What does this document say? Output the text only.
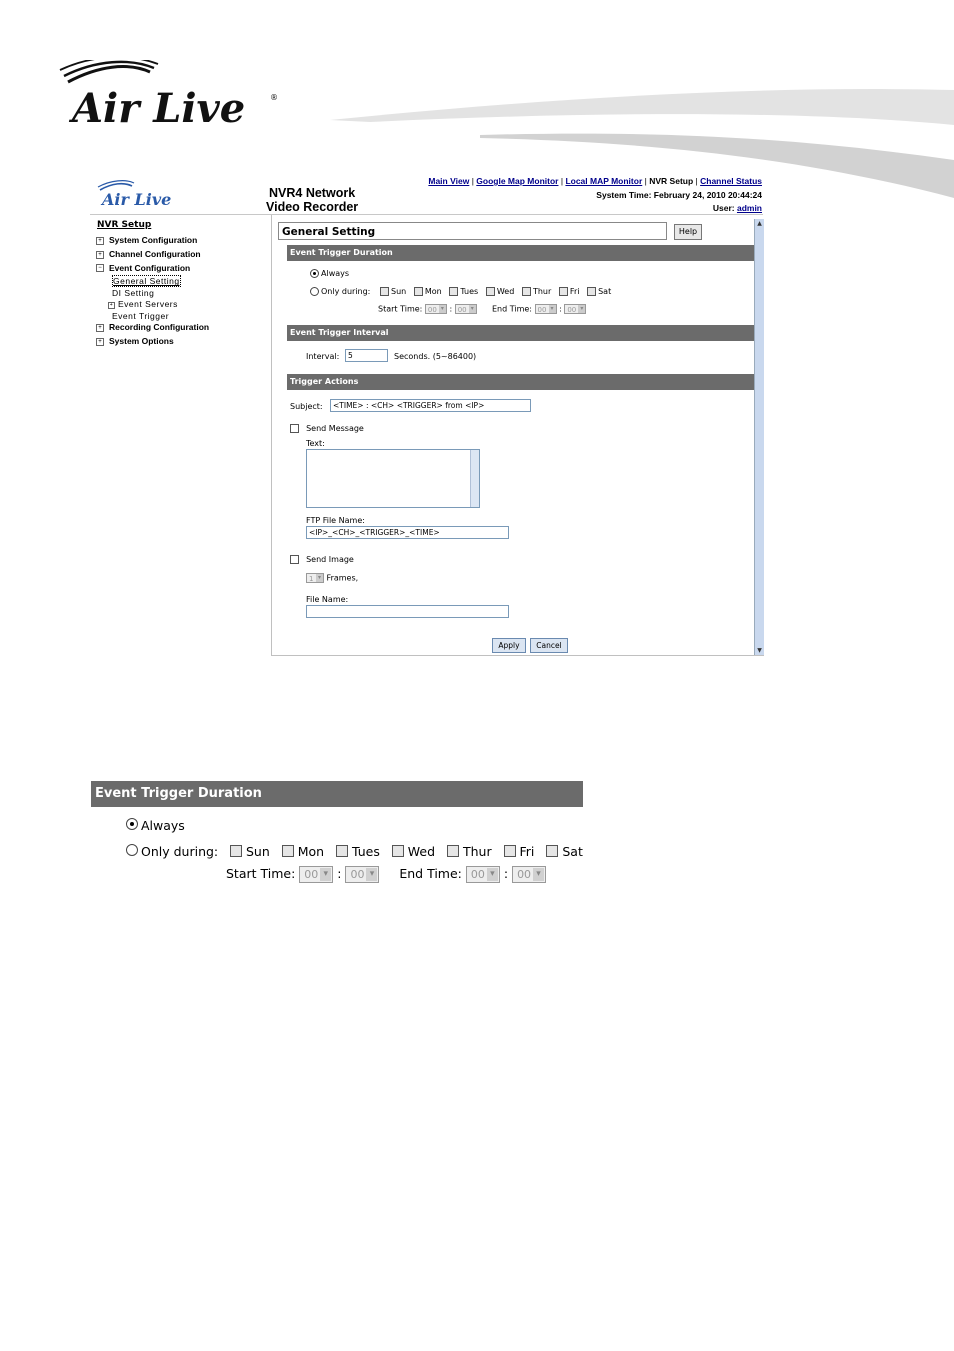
Air Live	®
Air Live	NVR4 Network
Video Recorder
Main View | Google Map Monitor | Local MAP Monitor | NVR Setup | Channel Status
System Time: February 24, 2010 20:44:24
User: admin
NVR Setup
+ System Configuration
+ Channel Configuration
− Event Configuration
General Setting
DI Setting
+ Event Servers
Event Trigger
+ Recording Configuration
+ System Options
General Setting	Help
Event Trigger Duration
Always
Only during:	Sun Mon Tues Wed Thur Fri Sat
Start Time: 00 ▾ : 00 ▾	End Time: 00 ▾ : 00 ▾
Event Trigger Interval
Interval:	5	Seconds. (5~86400)
Trigger Actions
Subject:	<TIME> : <CH> <TRIGGER> from <IP>
Send Message
Text:
FTP File Name:
<IP>_<CH>_<TRIGGER>_<TIME>
Send Image
1 ▾ Frames,
File Name:
Apply	Cancel
▲
▼
Event Trigger Duration
Always
Only during:	Sun Mon Tues Wed Thur Fri Sat
Start Time: 00 ▾ : 00 ▾	End Time: 00 ▾ : 00 ▾
